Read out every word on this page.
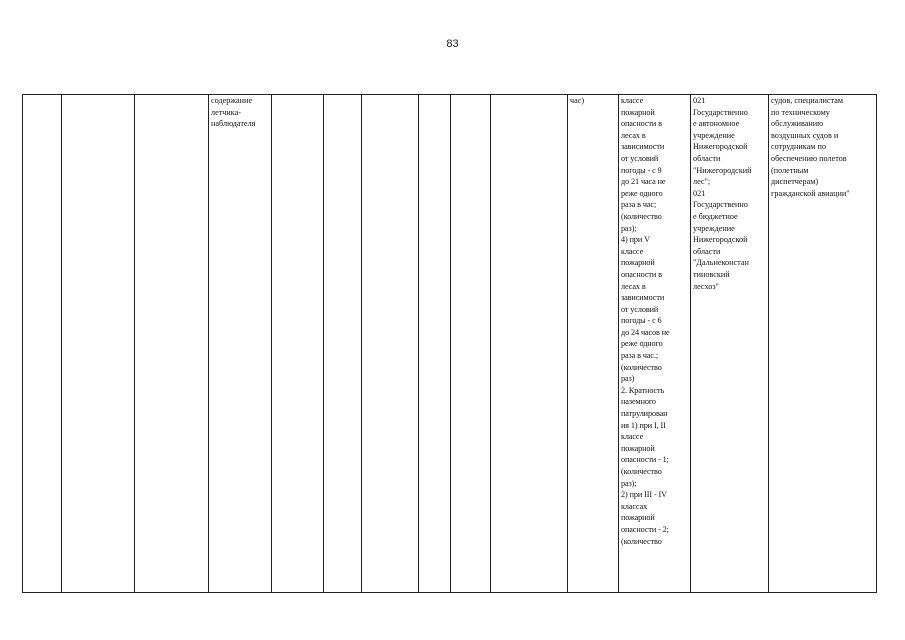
83
			содержание
летчика-
наблюдателя							час)	классе
пожарной
опасности в
лесах в
зависимости
от условий
погоды - с 9
до 21 часа не
реже одного
раза в час;
(количество
раз);
4) при V
классе
пожарной
опасности в
лесах в
зависимости
от условий
погоды - с 6
до 24 часов не
реже одного
раза в час.;
(количество
раз)
2. Кратность
наземного
патрулирован
ия 1) при I, II
классе
пожарной
опасности - 1;
(количество
раз);
2) при III - IV
классах
пожарной
опасности - 2;
(количество	021
Государственно
е автономное
учреждение
Нижегородской
области
"Нижегородский
лес";
021
Государственно
е бюджетное
учреждение
Нижегородской
области
"Дальнеконстан
тиновский
лесхоз"	судов, специалистам
по техническому
обслуживанию
воздушных судов и
сотрудникам по
обеспечению полетов
(полетным
диспетчерам)
гражданской авиации"
